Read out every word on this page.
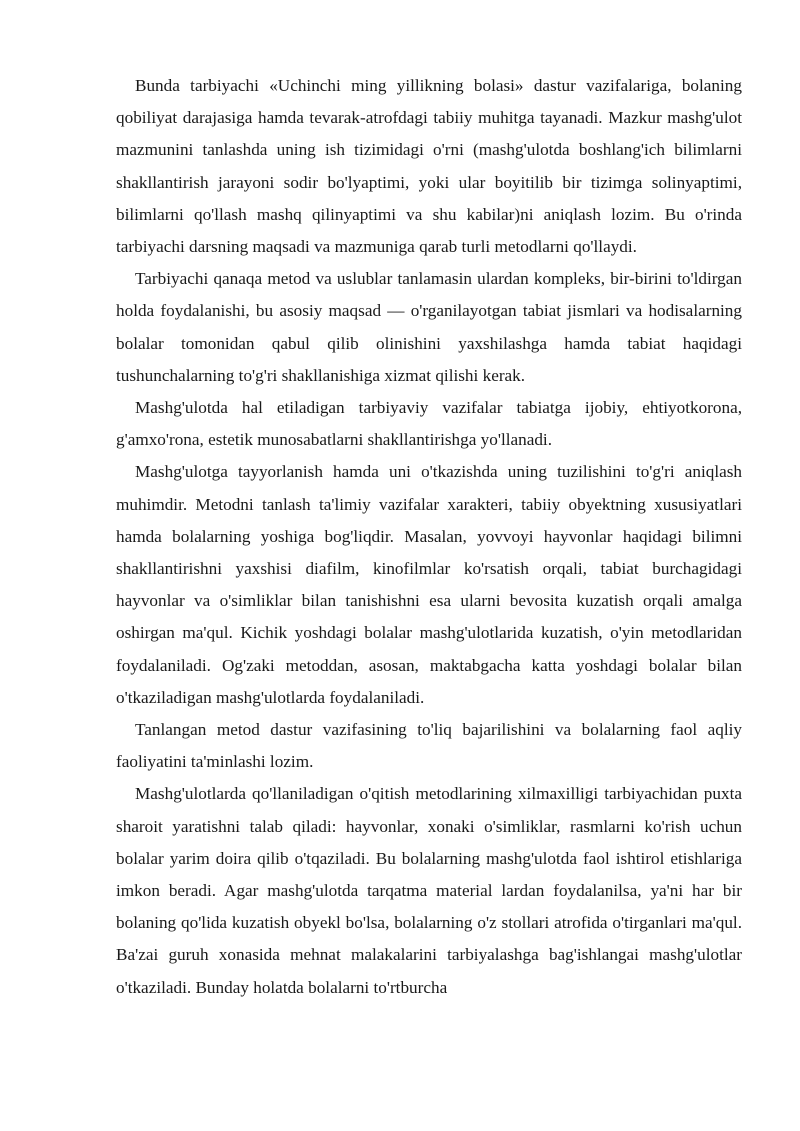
Bunda tarbiyachi «Uchinchi ming yillikning bolasi» dastur vazifalariga, bolaning qobiliyat darajasiga hamda tevarak-atrofdagi tabiiy muhitga tayanadi. Mazkur mashg'ulot mazmunini tanlashda uning ish tizimidagi o'rni (mashg'ulotda boshlang'ich bilimlarni shakllantirish jarayoni sodir bo'lyaptimi, yoki ular boyitilib bir tizimga solinyaptimi, bilimlarni qo'llash mashq qilinyaptimi va shu kabilar)ni aniqlash lozim. Bu o'rinda tarbiyachi darsning maqsadi va mazmuniga qarab turli metodlarni qo'llaydi.

Tarbiyachi qanaqa metod va uslublar tanlamasin ulardan kompleks, bir-birini to'ldirgan holda foydalanishi, bu asosiy maqsad — o'rganilayotgan tabiat jismlari va hodisalarning bolalar tomonidan qabul qilib olinishini yaxshilashga hamda tabiat haqidagi tushunchalarning to'g'ri shakllanishiga xizmat qilishi kerak.

Mashg'ulotda hal etiladigan tarbiyaviy vazifalar tabiatga ijobiy, ehtiyotkorona, g'amxo'rona, estetik munosabatlarni shakllantirishga yo'llanadi.

Mashg'ulotga tayyorlanish hamda uni o'tkazishda uning tuzilishini to'g'ri aniqlash muhimdir. Metodni tanlash ta'limiy vazifalar xarakteri, tabiiy obyektning xususiyatlari hamda bolalarning yoshiga bog'liqdir. Masalan, yovvoyi hayvonlar haqidagi bilimni shakllantirishni yaxshisi diafilm, kinofilmlar ko'rsatish orqali, tabiat burchagidagi hayvonlar va o'simliklar bilan tanishishni esa ularni bevosita kuzatish orqali amalga oshirgan ma'qul. Kichik yoshdagi bolalar mashg'ulotlarida kuzatish, o'yin metodlaridan foydalaniladi. Og'zaki metoddan, asosan, maktabgacha katta yoshdagi bolalar bilan o'tkaziladigan mashg'ulotlarda foydalaniladi.

Tanlangan metod dastur vazifasining to'liq bajarilishini va bolalarning faol aqliy faoliyatini ta'minlashi lozim.

Mashg'ulotlarda qo'llaniladigan o'qitish metodlarining xilmaxilligi tarbiyachidan puxta sharoit yaratishni talab qiladi: hayvonlar, xonaki o'simliklar, rasmlarni ko'rish uchun bolalar yarim doira qilib o'tqaziladi. Bu bolalarning mashg'ulotda faol ishtirol etishlariga imkon beradi. Agar mashg'ulotda tarqatma material lardan foydalanilsa, ya'ni har bir bolaning qo'lida kuzatish obyekl bo'lsa, bolalarning o'z stollari atrofida o'tirganlari ma'qul. Ba'zai guruh xonasida mehnat malakalarini tarbiyalashga bag'ishlangai mashg'ulotlar o'tkaziladi. Bunday holatda bolalarni to'rtburcha
